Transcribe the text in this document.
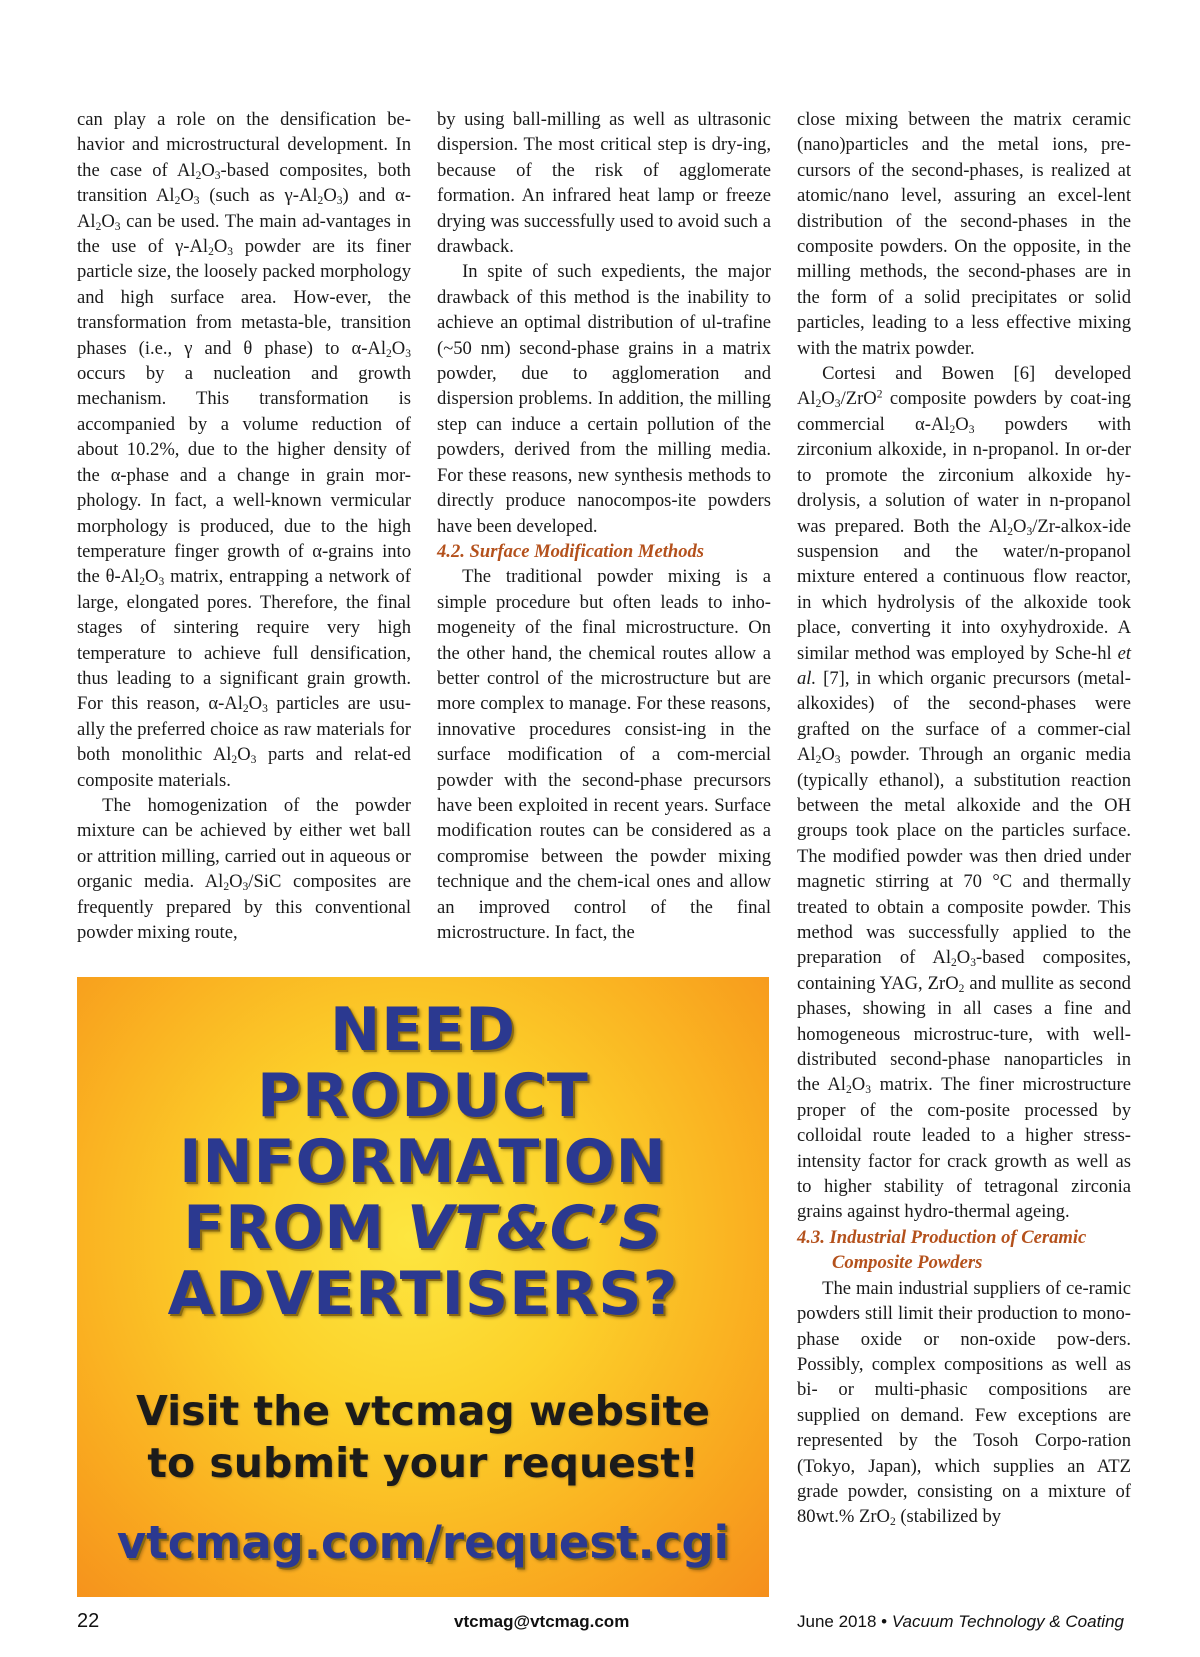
can play a role on the densification be-havior and microstructural development. In the case of $Al_2O_3$-based composites, both transition $Al_2O_3$ (such as $\gamma-Al_2O_3$) and $\alpha-Al_2O_3$ can be used. The main ad-vantages in the use of $\gamma-Al_2O_3$ powder are its finer particle size, the loosely packed morphology and high surface area. How-ever, the transformation from metasta-ble, transition phases (i.e., γ and θ phase) to $\alpha-Al_2O_3$ occurs by a nucleation and growth mechanism. This transformation is accompanied by a volume reduction of about 10.2%, due to the higher density of the α-phase and a change in grain mor-phology. In fact, a well-known vermicular morphology is produced, due to the high temperature finger growth of α-grains into the $\theta-Al_2O_3$ matrix, entrapping a network of large, elongated pores. Therefore, the final stages of sintering require very high temperature to achieve full densification, thus leading to a significant grain growth. For this reason, $\alpha-Al_2O_3$ particles are usu-ally the preferred choice as raw materials for both monolithic $Al_2O_3$ parts and relat-ed composite materials.

The homogenization of the powder mixture can be achieved by either wet ball or attrition milling, carried out in aqueous or organic media. $Al_2O_3$/SiC composites are frequently prepared by this conventional powder mixing route,

by using ball-milling as well as ultrasonic dispersion. The most critical step is dry-ing, because of the risk of agglomerate formation. An infrared heat lamp or freeze drying was successfully used to avoid such a drawback.

In spite of such expedients, the major drawback of this method is the inability to achieve an optimal distribution of ul-trafine (~50 nm) second-phase grains in a matrix powder, due to agglomeration and dispersion problems. In addition, the milling step can induce a certain pollution of the powders, derived from the milling media. For these reasons, new synthesis methods to directly produce nanocompos-ite powders have been developed.

4.2. Surface Modification Methods

The traditional powder mixing is a simple procedure but often leads to inho-mogeneity of the final microstructure. On the other hand, the chemical routes allow a better control of the microstructure but are more complex to manage. For these reasons, innovative procedures consist-ing in the surface modification of a com-mercial powder with the second-phase precursors have been exploited in recent years. Surface modification routes can be considered as a compromise between the powder mixing technique and the chem-ical ones and allow an improved control of the final microstructure. In fact, the

close mixing between the matrix ceramic (nano)particles and the metal ions, pre-cursors of the second-phases, is realized at atomic/nano level, assuring an excel-lent distribution of the second-phases in the composite powders. On the opposite, in the milling methods, the second-phases are in the form of a solid precipitates or solid particles, leading to a less effective mixing with the matrix powder.

Cortesi and Bowen [6] developed $Al_2O_3/ZrO^2$ composite powders by coat-ing commercial $\alpha-Al_2O_3$ powders with zirconium alkoxide, in n-propanol. In or-der to promote the zirconium alkoxide hy-drolysis, a solution of water in n-propanol was prepared. Both the $Al_2O_3/Zr-alkox$-ide suspension and the water/n-propanol mixture entered a continuous flow reactor, in which hydrolysis of the alkoxide took place, converting it into oxyhydroxide. A similar method was employed by Sche-hl et al. [7], in which organic precursors (metal-alkoxides) of the second-phases were grafted on the surface of a commer-cial $Al_2O_3$ powder. Through an organic media (typically ethanol), a substitution reaction between the metal alkoxide and the OH groups took place on the particles surface. The modified powder was then dried under magnetic stirring at 70 °C and thermally treated to obtain a composite powder. This method was successfully applied to the preparation of $Al_2O_3$-based composites, containing YAG, ZrO$_2$ and mullite as second phases, showing in all cases a fine and homogeneous microstruc-ture, with well-distributed second-phase nanoparticles in the $Al_2O_3$ matrix. The finer microstructure proper of the com-posite processed by colloidal route leaded to a higher stress-intensity factor for crack growth as well as to higher stability of tetragonal zirconia grains against hydro-thermal ageing.

4.3. Industrial Production of Ceramic
Composite Powders

The main industrial suppliers of ce-ramic powders still limit their production to mono-phase oxide or non-oxide pow-ders. Possibly, complex compositions as well as bi- or multi-phasic compositions are supplied on demand. Few exceptions are represented by the Tosoh Corpo-ration (Tokyo, Japan), which supplies an ATZ grade powder, consisting on a mixture of 80wt.% ZrO$_2$ (stabilized by

NEED
PRODUCT
INFORMATION
FROM VT&C’S
ADVERTISERS?
Visit the vtcmag website
to submit your request!
vtcmag.com/request.cgi
22	vtcmag@vtcmag.com	June 2018 • Vacuum Technology & Coating
